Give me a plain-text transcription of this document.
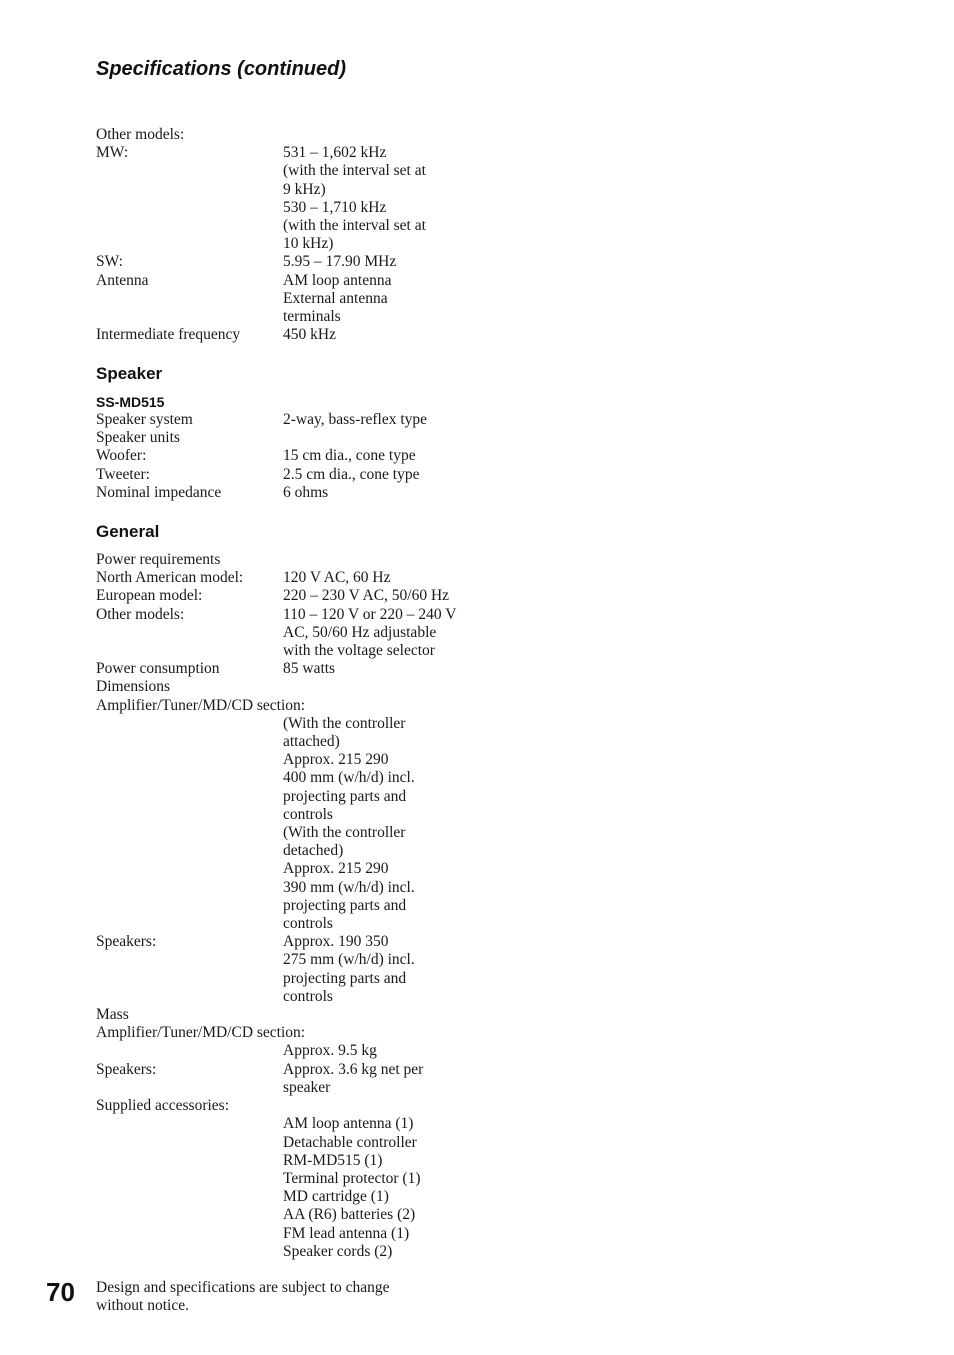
Specifications (continued)
Other models:
MW:	531 – 1,602 kHz
(with the interval set at
9 kHz)
530 – 1,710 kHz
(with the interval set at
10 kHz)
SW:	5.95 – 17.90 MHz
Antenna	AM loop antenna
External antenna
terminals
Intermediate frequency	450 kHz
Speaker

SS-MD515

Speaker system	2-way, bass-reflex type
Speaker units
Woofer:	15 cm dia., cone type
Tweeter:	2.5 cm dia., cone type
Nominal impedance	6 ohms
General
Power requirements
North American model:	120 V AC, 60 Hz
European model:	220 – 230 V AC, 50/60 Hz
Other models:	110 – 120 V or 220 – 240 V
AC, 50/60 Hz adjustable
with the voltage selector
Power consumption	85 watts
Dimensions
Amplifier/Tuner/MD/CD section:
(With the controller
attached)
Approx. 215 290
400 mm (w/h/d) incl.
projecting parts and
controls
(With the controller
detached)
Approx. 215 290
390 mm (w/h/d) incl.
projecting parts and
controls
Speakers:	Approx. 190 350
275 mm (w/h/d) incl.
projecting parts and
controls
Mass
Amplifier/Tuner/MD/CD section:
Approx. 9.5 kg
Speakers:	Approx. 3.6 kg net per
speaker
Supplied accessories:
AM loop antenna (1)
Detachable controller
RM-MD515 (1)
Terminal protector (1)
MD cartridge (1)
AA (R6) batteries (2)
FM lead antenna (1)
Speaker cords (2)

70 Design and specifications are subject to change
without notice.
